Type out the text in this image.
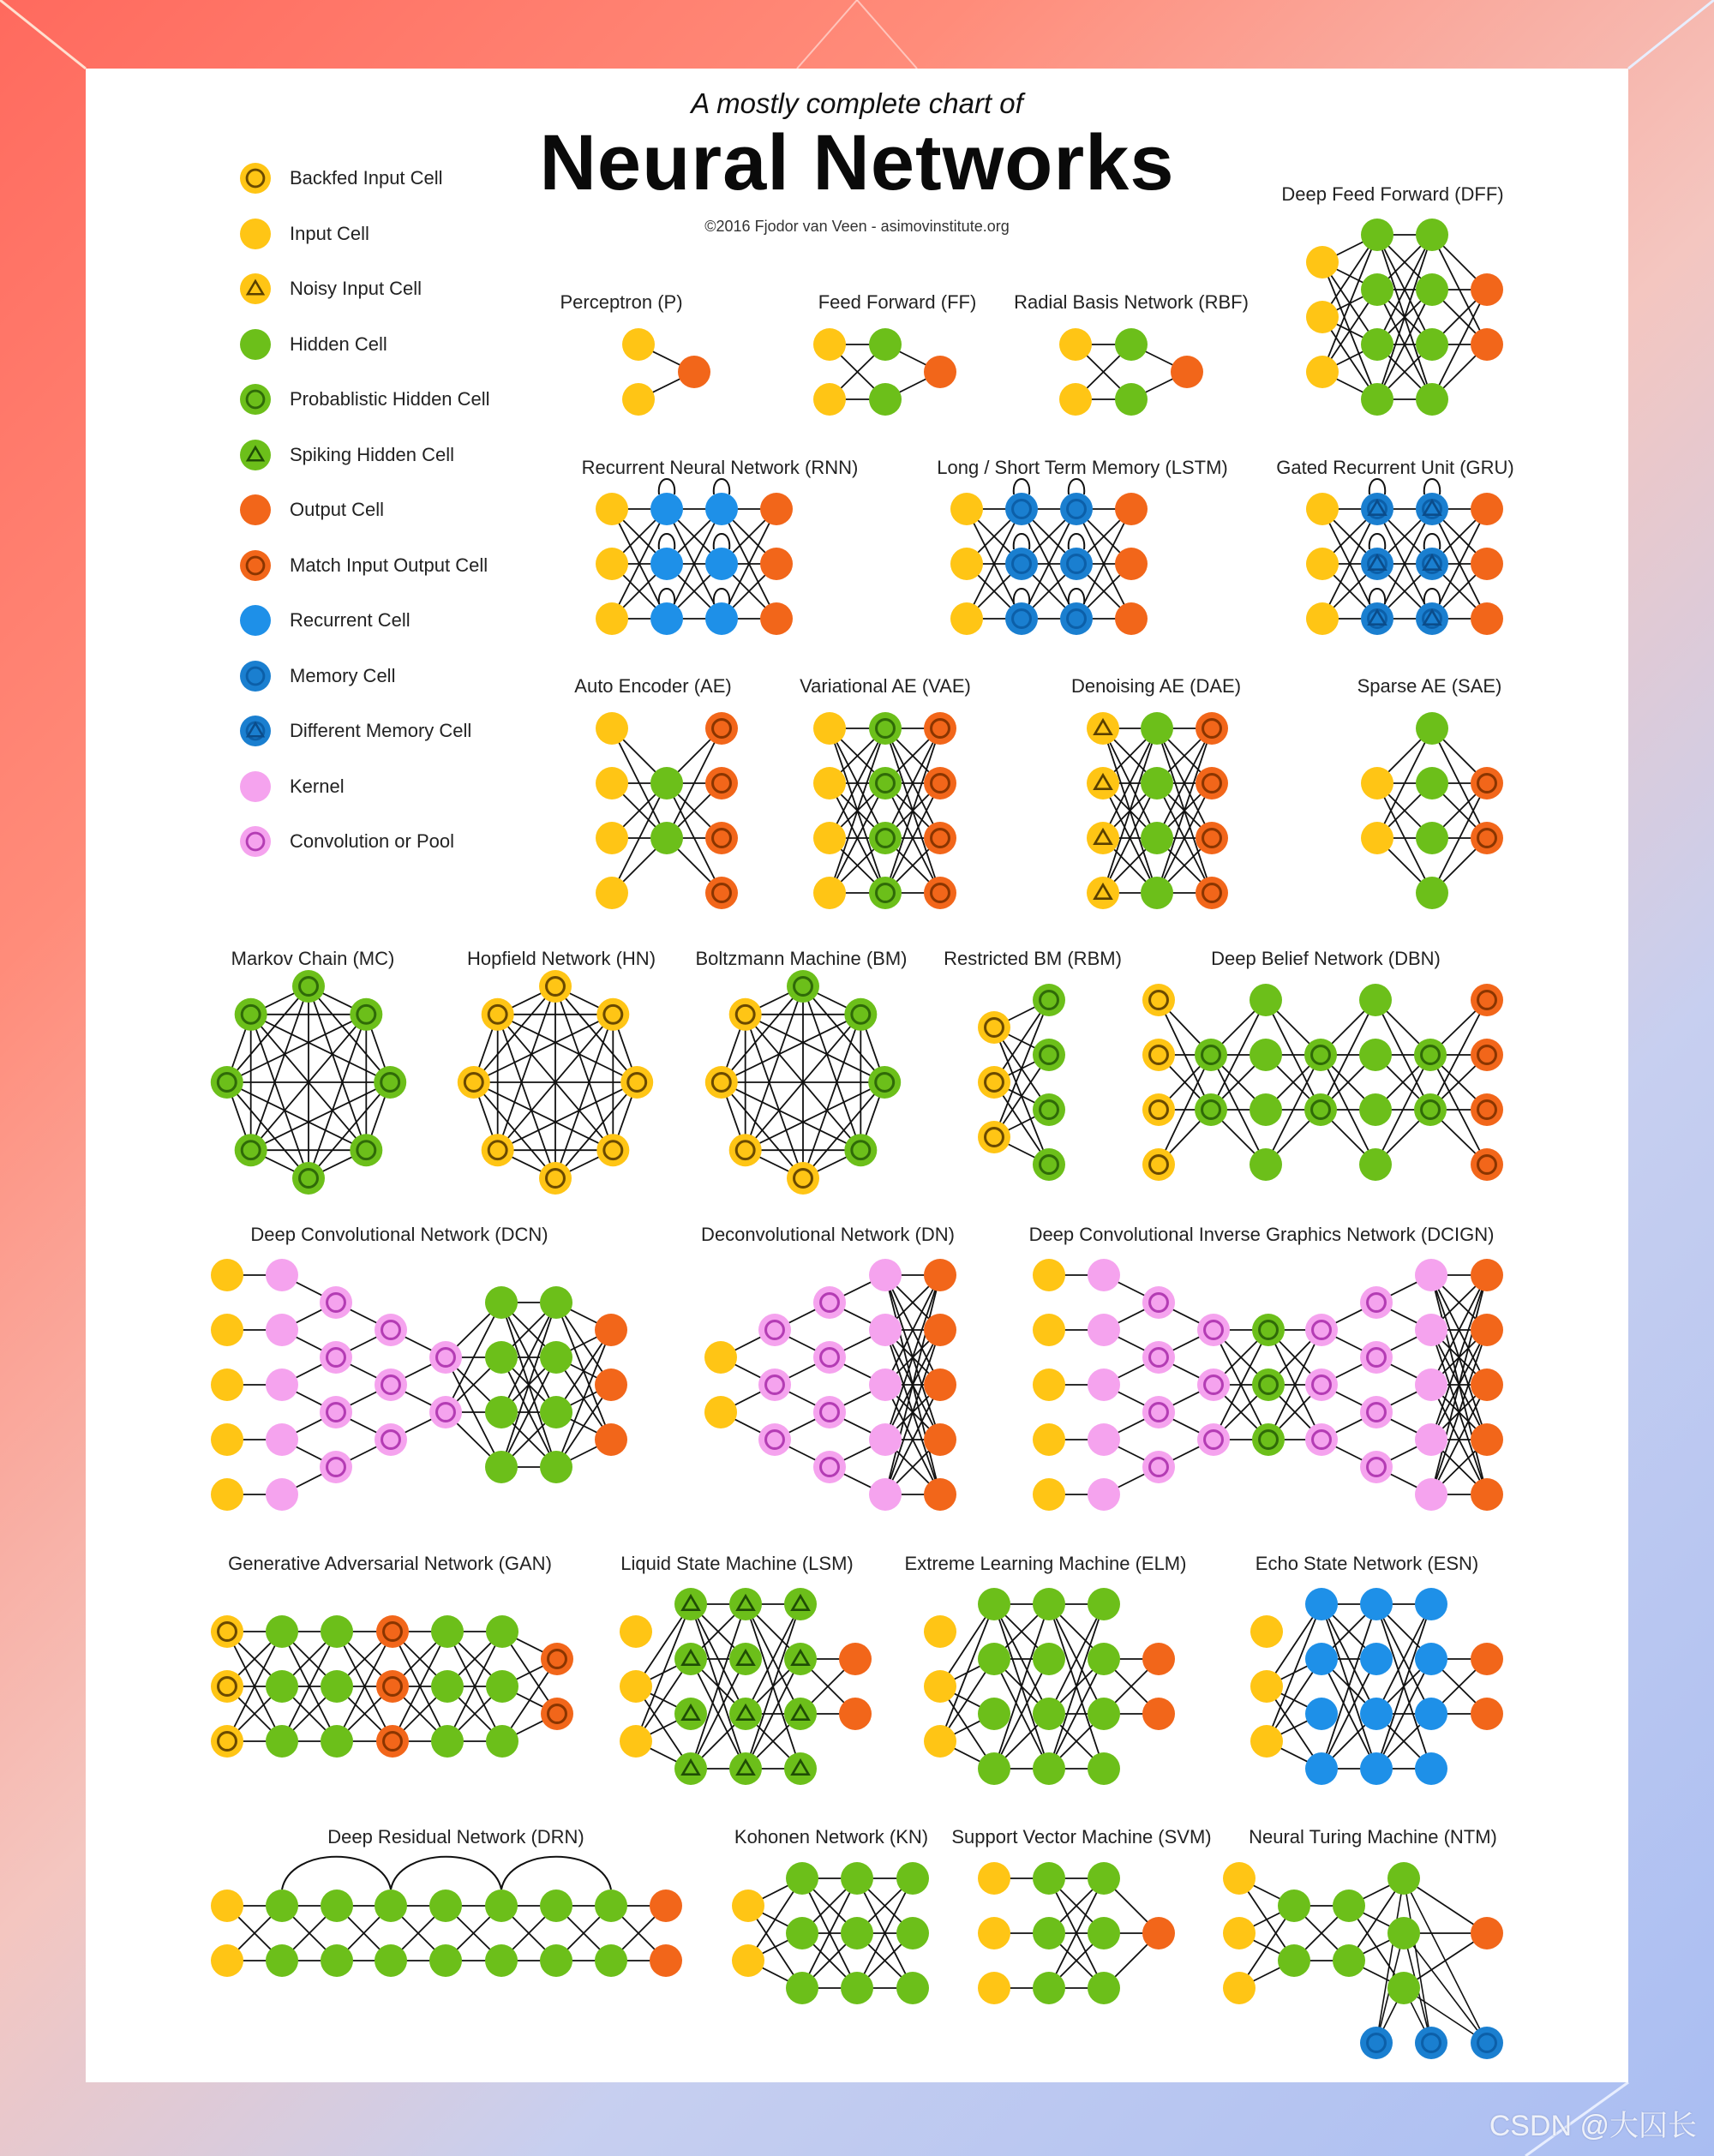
A mostly complete chart of
Neural Networks
©2016 Fjodor van Veen - asimovinstitute.org
Backfed Input Cell
Input Cell
Noisy Input Cell
Hidden Cell
Probablistic Hidden Cell
Spiking Hidden Cell
Output Cell
Match Input Output Cell
Recurrent Cell
Memory Cell
Different Memory Cell
Kernel
Convolution or Pool
Perceptron (P)	Feed Forward (FF) Radial Basis Network (RBF)
Deep Feed Forward (DFF)
Recurrent Neural Network (RNN)	Long / Short Term Memory (LSTM)	Gated Recurrent Unit (GRU)
Auto Encoder (AE)	Variational AE (VAE)	Denoising AE (DAE)	Sparse AE (SAE)
Markov Chain (MC)	Hopfield Network (HN) Boltzmann Machine (BM) Restricted BM (RBM)	Deep Belief Network (DBN)
Deep Convolutional Network (DCN)	Deconvolutional Network (DN)	Deep Convolutional Inverse Graphics Network (DCIGN)
Generative Adversarial Network (GAN)	Liquid State Machine (LSM)	Extreme Learning Machine (ELM)	Echo State Network (ESN)
Deep Residual Network (DRN)	Kohonen Network (KN) Support Vector Machine (SVM) Neural Turing Machine (NTM)
CSDN @大囚长
